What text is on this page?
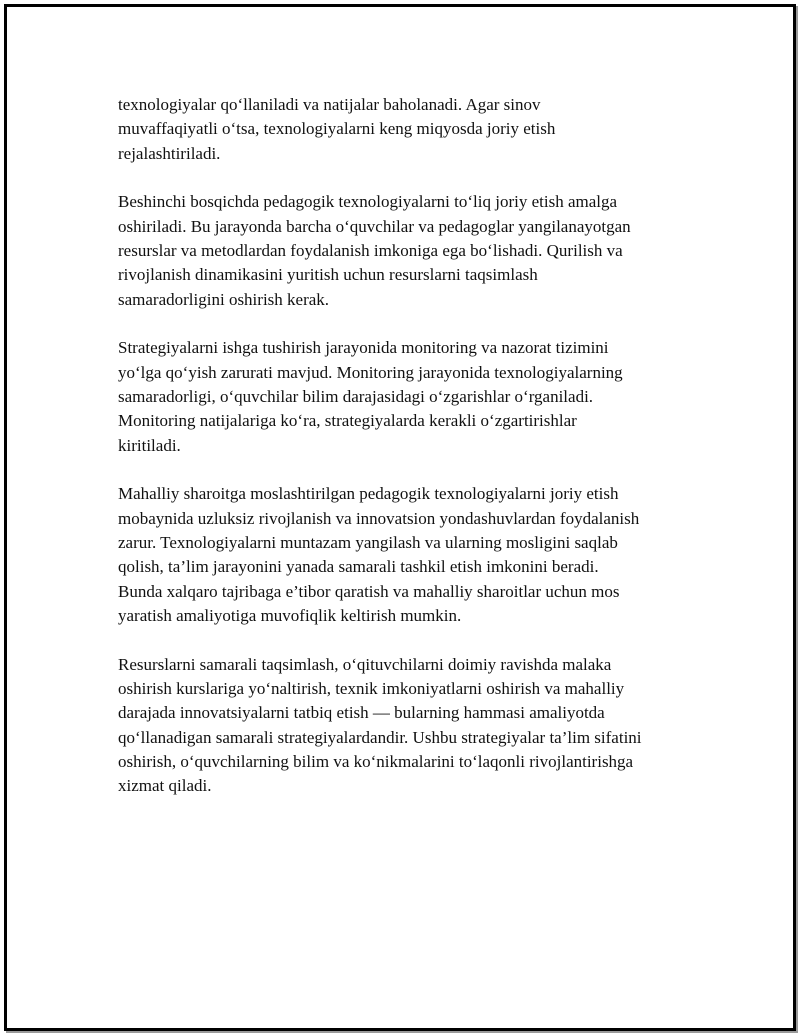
texnologiyalar qo‘llaniladi va natijalar baholanadi. Agar sinov
muvaffaqiyatli o‘tsa, texnologiyalarni keng miqyosda joriy etish
rejalashtiriladi.

Beshinchi bosqichda pedagogik texnologiyalarni to‘liq joriy etish amalga
oshiriladi. Bu jarayonda barcha o‘quvchilar va pedagoglar yangilanayotgan
resurslar va metodlardan foydalanish imkoniga ega bo‘lishadi. Qurilish va
rivojlanish dinamikasini yuritish uchun resurslarni taqsimlash
samaradorligini oshirish kerak.

Strategiyalarni ishga tushirish jarayonida monitoring va nazorat tizimini
yo‘lga qo‘yish zarurati mavjud. Monitoring jarayonida texnologiyalarning
samaradorligi, o‘quvchilar bilim darajasidagi o‘zgarishlar o‘rganiladi.
Monitoring natijalariga ko‘ra, strategiyalarda kerakli o‘zgartirishlar
kiritiladi.

Mahalliy sharoitga moslashtirilgan pedagogik texnologiyalarni joriy etish
mobaynida uzluksiz rivojlanish va innovatsion yondashuvlardan foydalanish
zarur. Texnologiyalarni muntazam yangilash va ularning mosligini saqlab
qolish, ta’lim jarayonini yanada samarali tashkil etish imkonini beradi.
Bunda xalqaro tajribaga e’tibor qaratish va mahalliy sharoitlar uchun mos
yaratish amaliyotiga muvofiqlik keltirish mumkin.

Resurslarni samarali taqsimlash, o‘qituvchilarni doimiy ravishda malaka
oshirish kurslariga yo‘naltirish, texnik imkoniyatlarni oshirish va mahalliy
darajada innovatsiyalarni tatbiq etish — bularning hammasi amaliyotda
qo‘llanadigan samarali strategiyalardandir. Ushbu strategiyalar ta’lim sifatini
oshirish, o‘quvchilarning bilim va ko‘nikmalarini to‘laqonli rivojlantirishga
xizmat qiladi.
